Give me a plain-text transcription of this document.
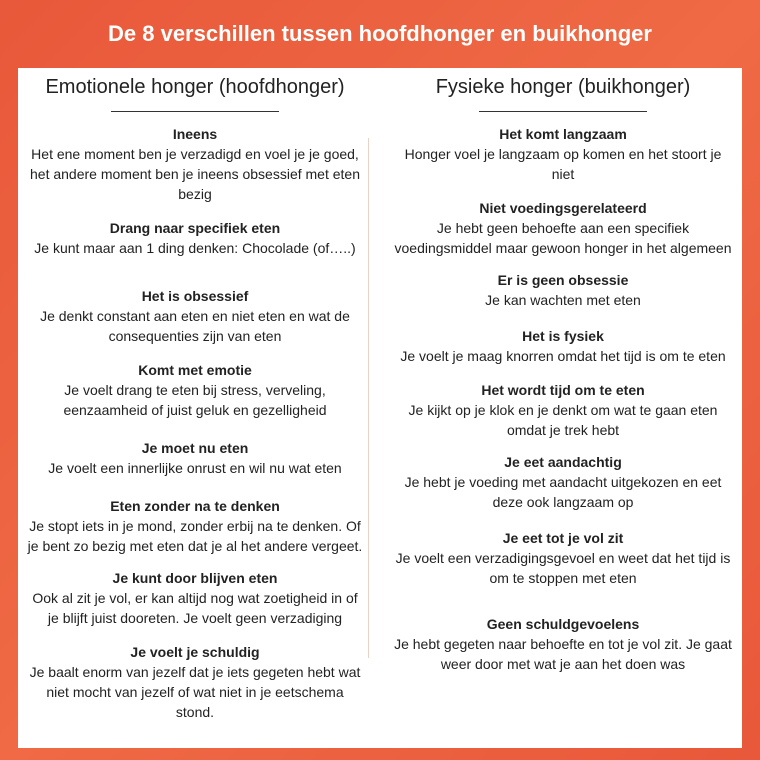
De 8 verschillen tussen hoofdhonger en buikhonger
Emotionele honger (hoofdhonger)
Ineens
Het ene moment ben je verzadigd en voel je je goed, het andere moment ben je ineens obsessief met eten bezig
Drang naar specifiek eten
Je kunt maar aan 1 ding denken: Chocolade (of…..)
Het is obsessief
Je denkt constant aan eten en niet eten en wat de consequenties zijn van eten
Komt met emotie
Je voelt drang te eten bij stress, verveling, eenzaamheid of juist geluk en gezelligheid
Je moet nu eten
Je voelt een innerlijke onrust en wil nu wat eten
Eten zonder na te denken
Je stopt iets in je mond, zonder erbij na te denken. Of je bent zo bezig met eten dat je al het andere vergeet.
Je kunt door blijven eten
Ook al zit je vol, er kan altijd nog wat zoetigheid in of je blijft juist dooreten. Je voelt geen verzadiging
Je voelt je schuldig
Je baalt enorm van jezelf dat je iets gegeten hebt wat niet mocht van jezelf of wat niet in je eetschema stond.
Fysieke honger (buikhonger)
Het komt langzaam
Honger voel je langzaam op komen en het stoort je niet
Niet voedingsgerelateerd
Je hebt geen behoefte aan een specifiek voedingsmiddel maar gewoon honger in het algemeen
Er is geen obsessie
Je kan wachten met eten
Het is fysiek
Je voelt je maag knorren omdat het tijd is om te eten
Het wordt tijd om te eten
Je kijkt op je klok en je denkt om wat te gaan eten omdat je trek hebt
Je eet aandachtig
Je hebt je voeding met aandacht uitgekozen en eet deze ook langzaam op
Je eet tot je vol zit
Je voelt een verzadigingsgevoel en weet dat het tijd is om te stoppen met eten
Geen schuldgevoelens
Je hebt gegeten naar behoefte en tot je vol zit. Je gaat weer door met wat je aan het doen was
